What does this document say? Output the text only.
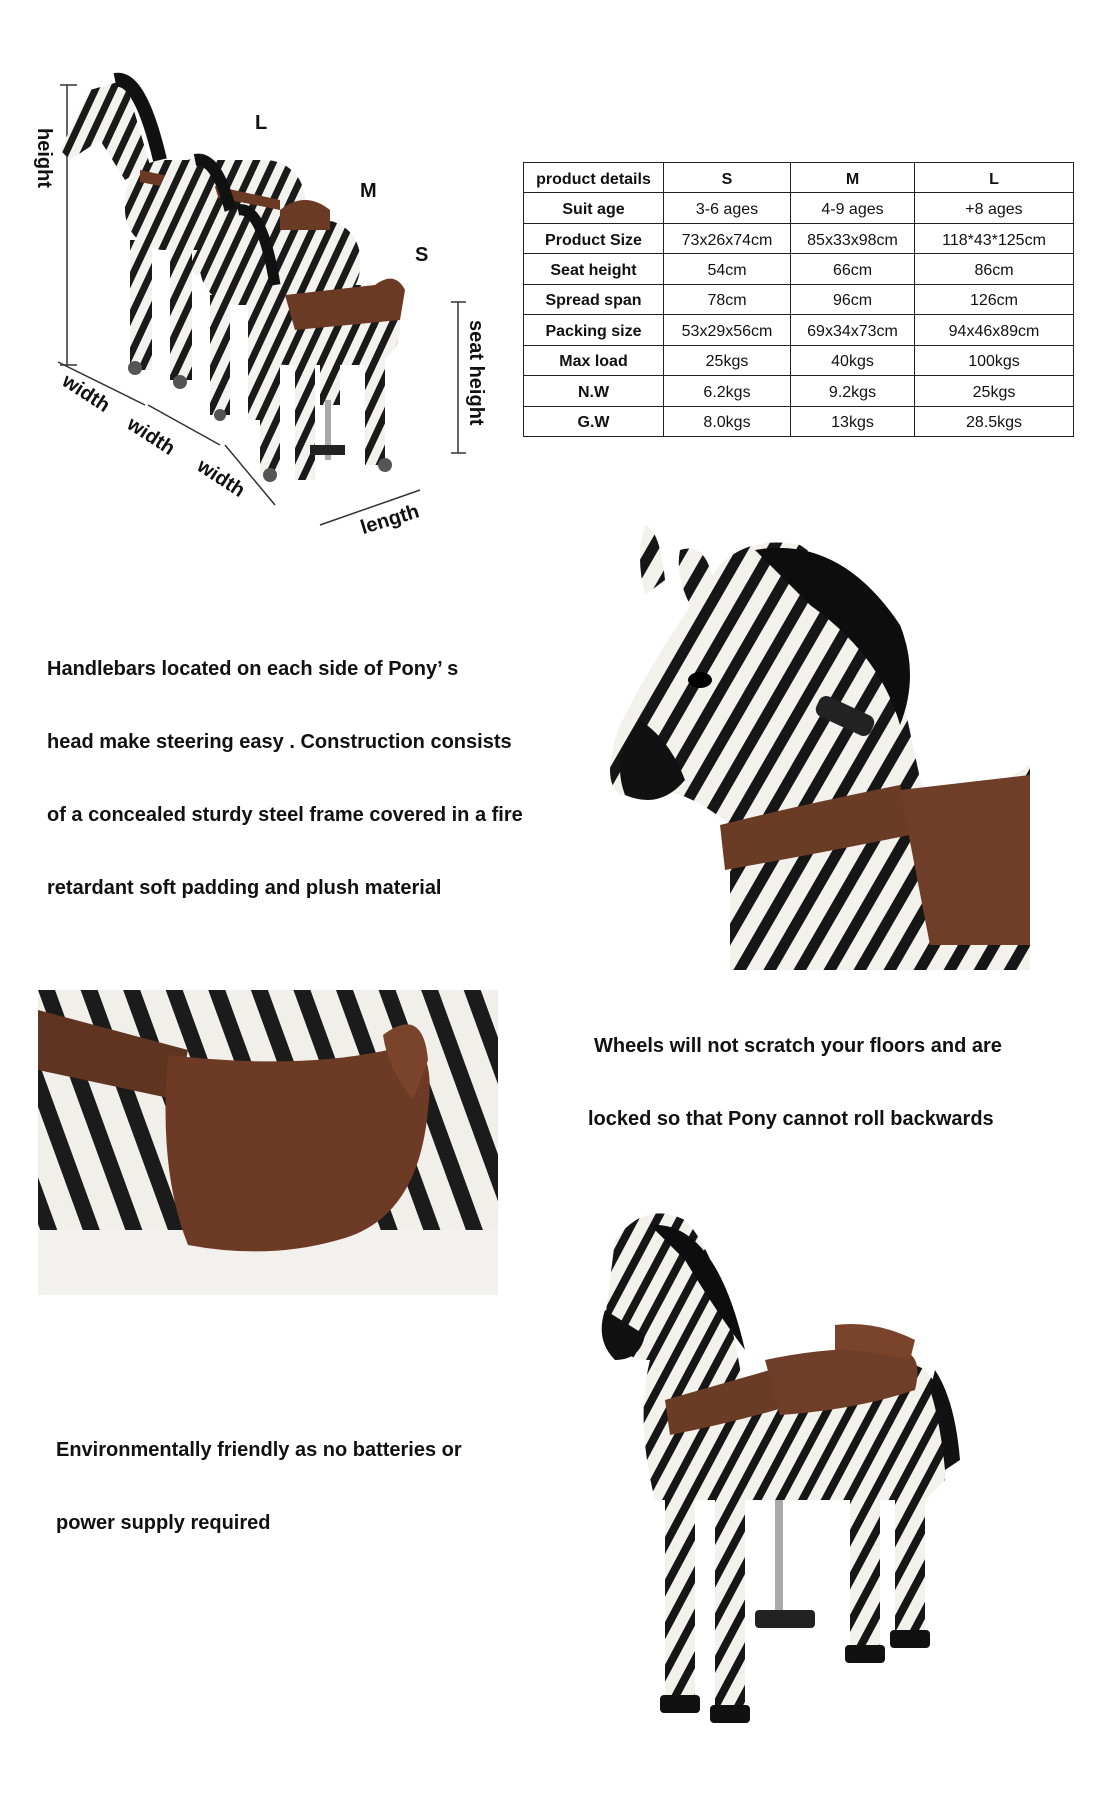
height
seat height
width
width
width
length
L
M
S
product details	S	M	L
Suit age	3-6 ages	4-9 ages	+8 ages
Product Size	73x26x74cm	85x33x98cm	118*43*125cm
Seat height	54cm	66cm	86cm
Spread span	78cm	96cm	126cm
Packing size	53x29x56cm	69x34x73cm	94x46x89cm
Max load	25kgs	40kgs	100kgs
N.W	6.2kgs	9.2kgs	25kgs
G.W	8.0kgs	13kgs	28.5kgs
Handlebars located on each side of Pony’ s
head make steering easy . Construction consists
of a concealed sturdy steel frame covered in a fire
retardant soft padding and plush material
Wheels will not scratch your floors and are
locked so that Pony cannot roll backwards
Environmentally friendly as no batteries or
power supply required
